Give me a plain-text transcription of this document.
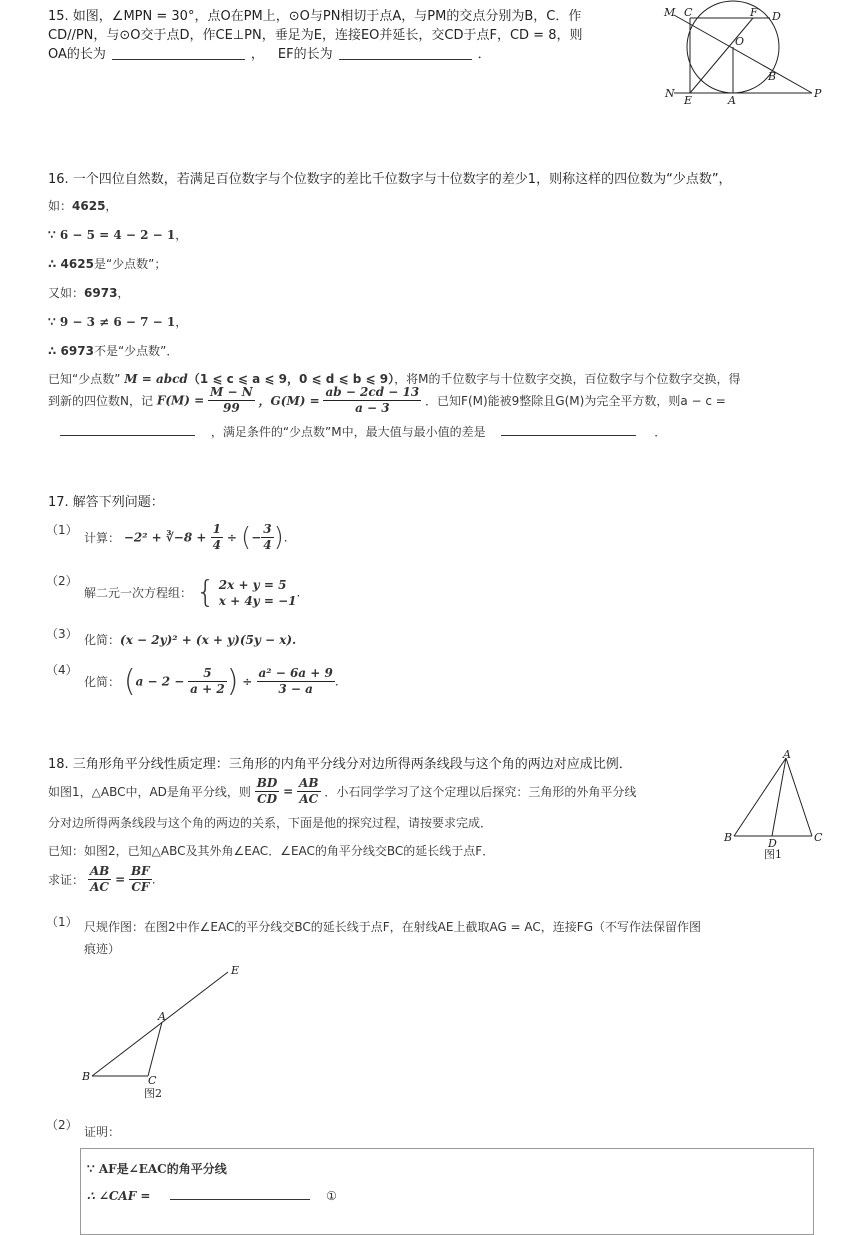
15. 如图，∠MPN = 30°，点O在PM上，⊙O与PN相切于点A，与PM的交点分别为B，C．作
CD//PN，与⊙O交于点D，作CE⊥PN，垂足为E，连接EO并延长，交CD于点F，CD = 8，则
OA的长为	， EF的长为	．
M C	F D
O
B
N
E	A
P
16. 一个四位自然数，若满足百位数字与个位数字的差比千位数字与十位数字的差少1，则称这样的四位数为“少点数”，
如：4625，
∵ 6 − 5 = 4 − 2 − 1，
∴ 4625是“少点数”；
又如：6973，
∵ 9 − 3 ≠ 6 − 7 − 1，
∴ 6973不是“少点数”．
已知“少点数” M = abcd（1 ⩽ c ⩽ a ⩽ 9，0 ⩽ d ⩽ b ⩽ 9），将M的千位数字与十位数字交换，百位数字与个位数字交换，得
到新的四位数N，记 $F(M) = \frac{M - N}{99}$ ，$G(M) = \frac{ab - 2cd - 13}{a - 3}$ ．已知F(M)能被9整除且G(M)为完全平方数，则a − c =
，满足条件的“少点数”M中，最大值与最小值的差是	．
17. 解答下列问题：
（1）
计算： −2² + ∛−8 + $\frac{1}{4}$ ÷ (− $\frac{3}{4}$ ).
（2）
解二元一次方程组： { 2x + y = 5
x + 4y = −1
.
（3） 化简：(x − 2y)² + (x + y)(5y − x).
（4）
化简： ($a - 2 - \frac{5}{a + 2}$ ) ÷ $\frac{\text{a² − 6a + 9}}{3 - a}$ .
18. 三角形角平分线性质定理：三角形的内角平分线分对边所得两条线段与这个角的两边对应成比例．
如图1，△ABC中，AD是角平分线，则 $\frac{BD}{CD} = \frac{AB}{AC}$ ．小石同学学习了这个定理以后探究：三角形的外角平分线
分对边所得两条线段与这个角的两边的关系，下面是他的探究过程，请按要求完成．
已知：如图2，已知△ABC及其外角∠EAC．∠EAC的角平分线交BC的延长线于点F．
求证： $\frac{AB}{AC} = \frac{BF}{CF}$ .
A
B	C
D
图1
（1） 尺规作图：在图2中作∠EAC的平分线交BC的延长线于点F，在射线AE上截取AG = AC，连接FG（不写作法保留作图
痕迹）
E
A
B	C
图2
（2） 证明：
∵ AF是∠EAC的角平分线
∴ ∠CAF =	①
